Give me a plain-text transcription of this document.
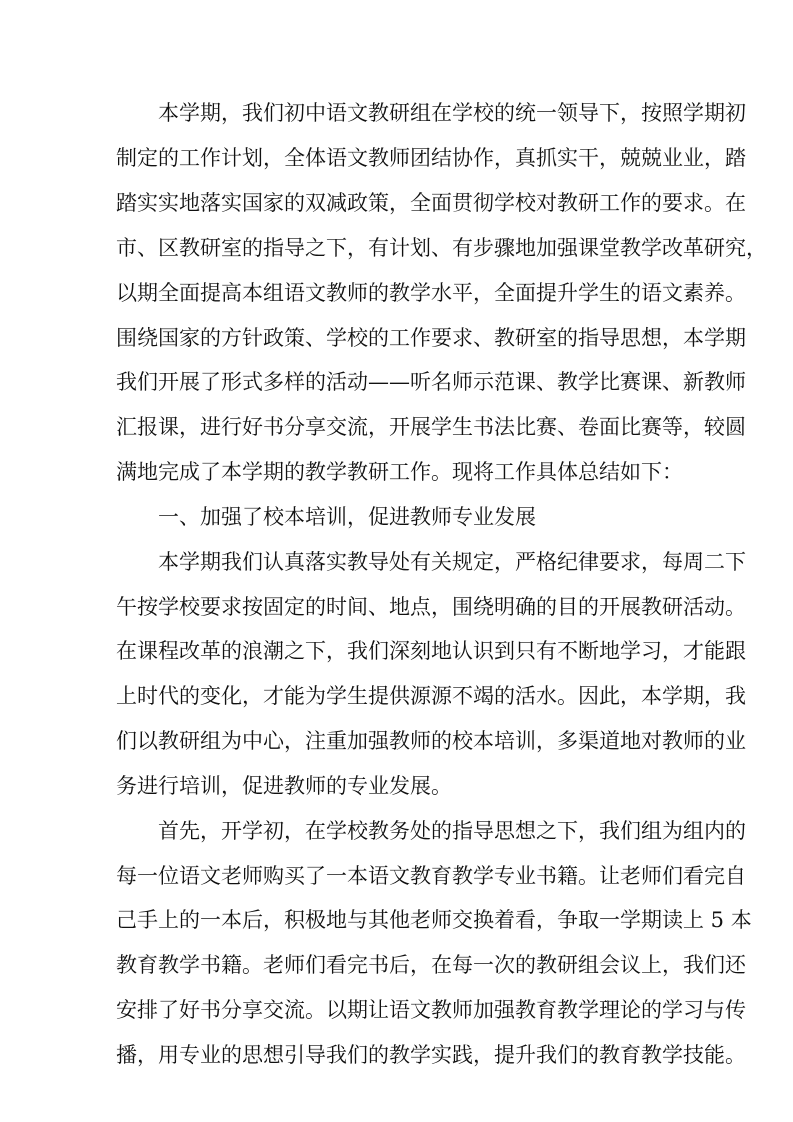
本学期，我们初中语文教研组在学校的统一领导下，按照学期初
制定的工作计划，全体语文教师团结协作，真抓实干，兢兢业业，踏
踏实实地落实国家的双减政策，全面贯彻学校对教研工作的要求。在
市、区教研室的指导之下，有计划、有步骤地加强课堂教学改革研究，
以期全面提高本组语文教师的教学水平，全面提升学生的语文素养。
围绕国家的方针政策、学校的工作要求、教研室的指导思想，本学期
我们开展了形式多样的活动——听名师示范课、教学比赛课、新教师
汇报课，进行好书分享交流，开展学生书法比赛、卷面比赛等，较圆
满地完成了本学期的教学教研工作。现将工作具体总结如下：
一、加强了校本培训，促进教师专业发展
本学期我们认真落实教导处有关规定，严格纪律要求，每周二下
午按学校要求按固定的时间、地点，围绕明确的目的开展教研活动。
在课程改革的浪潮之下，我们深刻地认识到只有不断地学习，才能跟
上时代的变化，才能为学生提供源源不竭的活水。因此，本学期，我
们以教研组为中心，注重加强教师的校本培训，多渠道地对教师的业
务进行培训，促进教师的专业发展。
首先，开学初，在学校教务处的指导思想之下，我们组为组内的
每一位语文老师购买了一本语文教育教学专业书籍。让老师们看完自
己手上的一本后，积极地与其他老师交换着看，争取一学期读上 5 本
教育教学书籍。老师们看完书后，在每一次的教研组会议上，我们还
安排了好书分享交流。以期让语文教师加强教育教学理论的学习与传
播，用专业的思想引导我们的教学实践，提升我们的教育教学技能。
